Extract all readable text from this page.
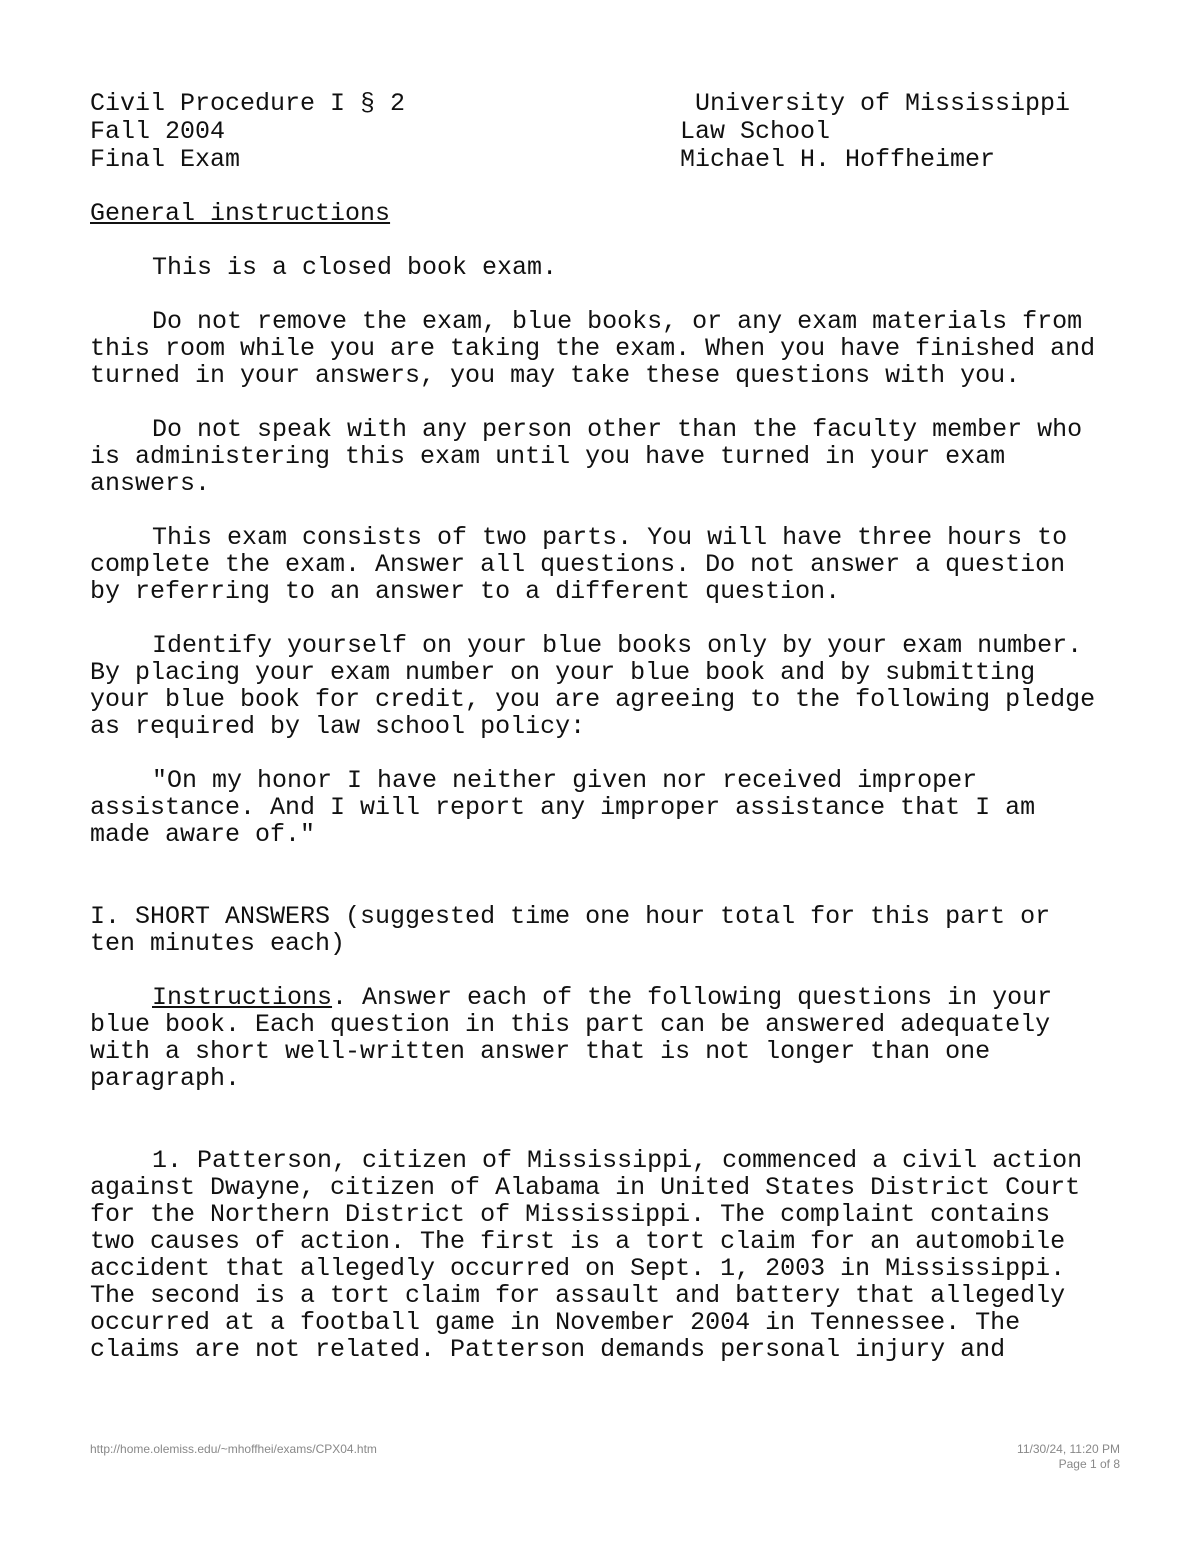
Civil Procedure I § 2	University of Mississippi
Fall 2004	Law School
Final Exam	Michael H. Hoffheimer

General instructions

This is a closed book exam.
Do not remove the exam, blue books, or any exam materials from
this room while you are taking the exam. When you have finished and
turned in your answers, you may take these questions with you.
Do not speak with any person other than the faculty member who
is administering this exam until you have turned in your exam
answers.
This exam consists of two parts. You will have three hours to
complete the exam. Answer all questions. Do not answer a question
by referring to an answer to a different question.
Identify yourself on your blue books only by your exam number.
By placing your exam number on your blue book and by submitting
your blue book for credit, you are agreeing to the following pledge
as required by law school policy:
"On my honor I have neither given nor received improper
assistance. And I will report any improper assistance that I am
made aware of."
I. SHORT ANSWERS (suggested time one hour total for this part or
ten minutes each)
Instructions. Answer each of the following questions in your
blue book. Each question in this part can be answered adequately
with a short well-written answer that is not longer than one
paragraph.
1. Patterson, citizen of Mississippi, commenced a civil action
against Dwayne, citizen of Alabama in United States District Court
for the Northern District of Mississippi. The complaint contains
two causes of action. The first is a tort claim for an automobile
accident that allegedly occurred on Sept. 1, 2003 in Mississippi.
The second is a tort claim for assault and battery that allegedly
occurred at a football game in November 2004 in Tennessee. The
claims are not related. Patterson demands personal injury and
http://home.olemiss.edu/~mhoffhei/exams/CPX04.htm	11/30/24, 11:20 PM
Page 1 of 8
